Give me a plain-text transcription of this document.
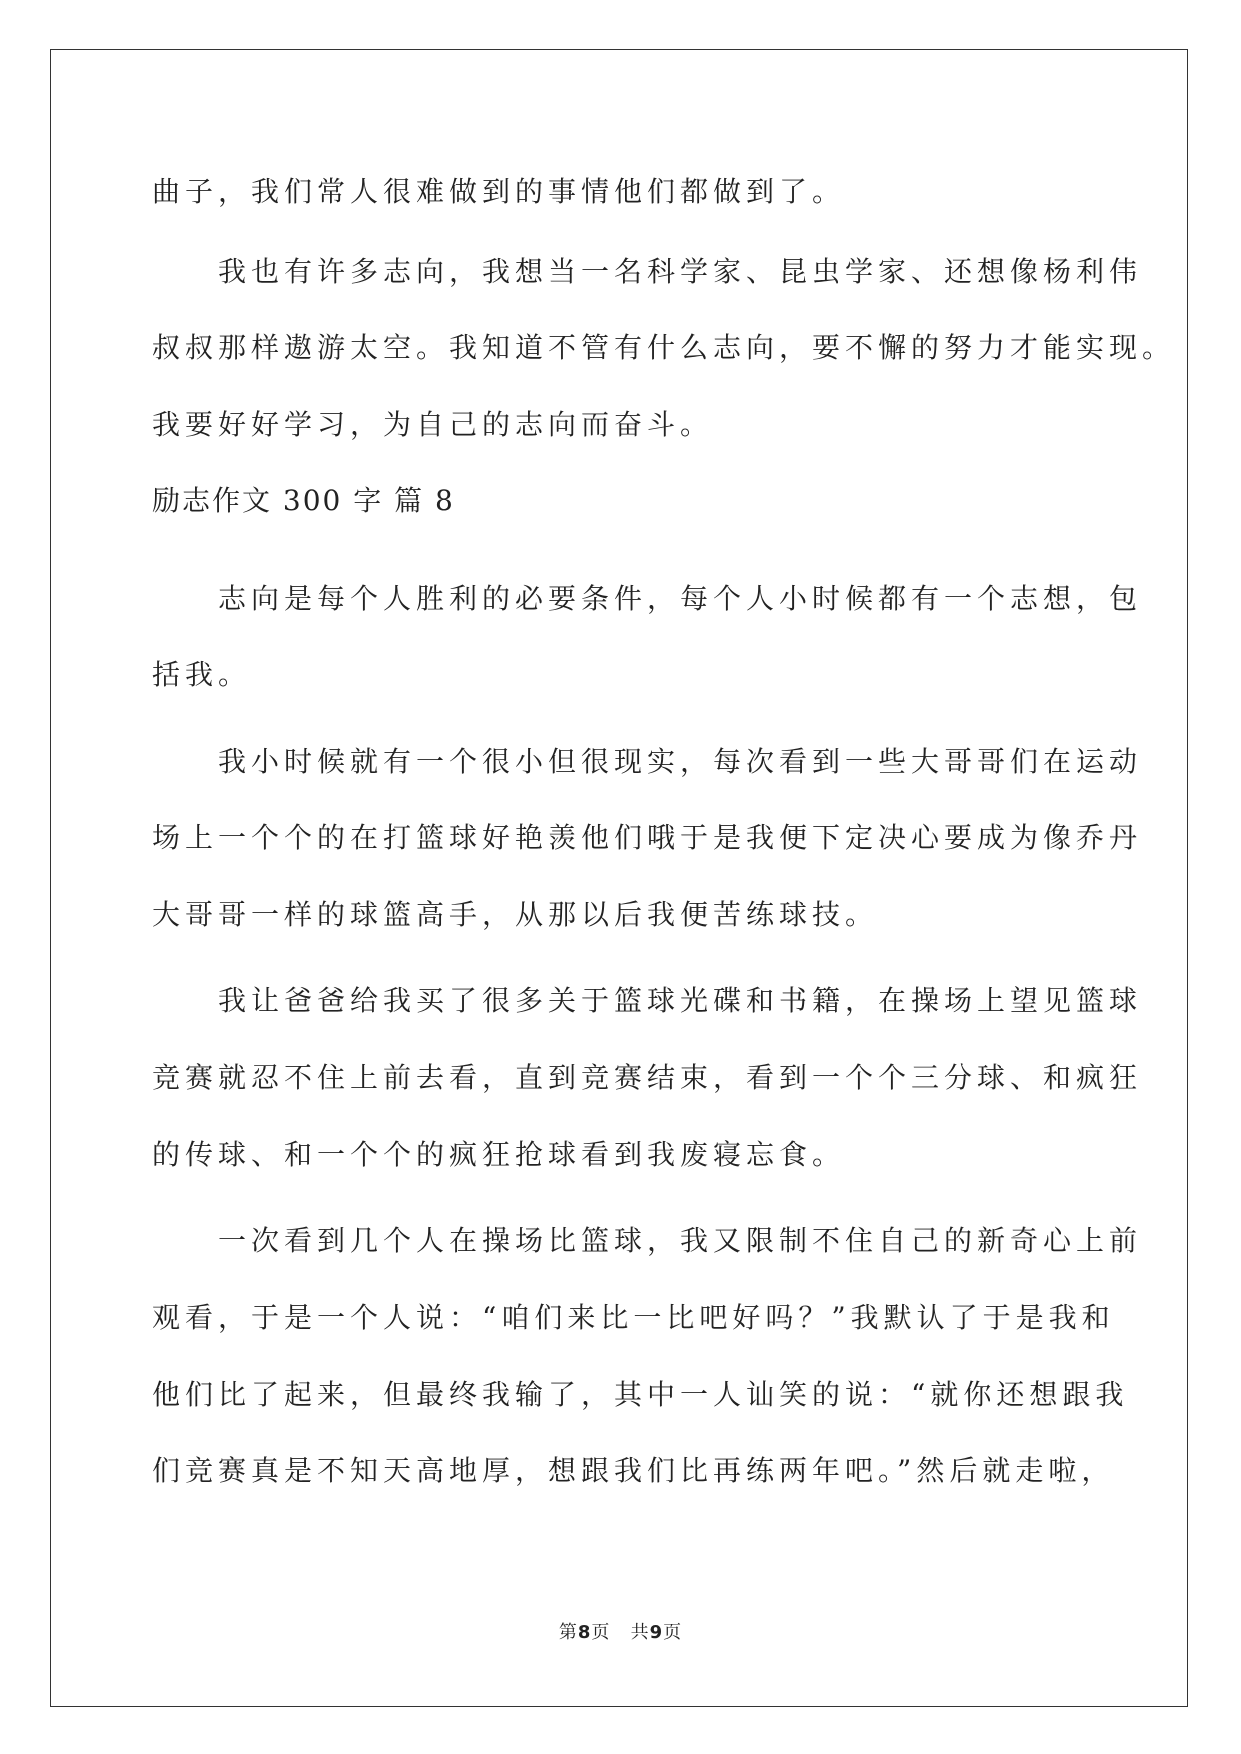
曲子，我们常人很难做到的事情他们都做到了。
　　我也有许多志向，我想当一名科学家、昆虫学家、还想像杨利伟
叔叔那样遨游太空。我知道不管有什么志向，要不懈的努力才能实现。
我要好好学习，为自己的志向而奋斗。
励志作文 300 字 篇 8
　　志向是每个人胜利的必要条件，每个人小时候都有一个志想，包
括我。
　　我小时候就有一个很小但很现实，每次看到一些大哥哥们在运动
场上一个个的在打篮球好艳羡他们哦于是我便下定决心要成为像乔丹
大哥哥一样的球篮高手，从那以后我便苦练球技。
　　我让爸爸给我买了很多关于篮球光碟和书籍，在操场上望见篮球
竞赛就忍不住上前去看，直到竞赛结束，看到一个个三分球、和疯狂
的传球、和一个个的疯狂抢球看到我废寝忘食。
　　一次看到几个人在操场比篮球，我又限制不住自己的新奇心上前
观看，于是一个人说：“咱们来比一比吧好吗？”我默认了于是我和
他们比了起来，但最终我输了，其中一人讪笑的说：“就你还想跟我
们竞赛真是不知天高地厚，想跟我们比再练两年吧。”然后就走啦，
第8页 共9页
